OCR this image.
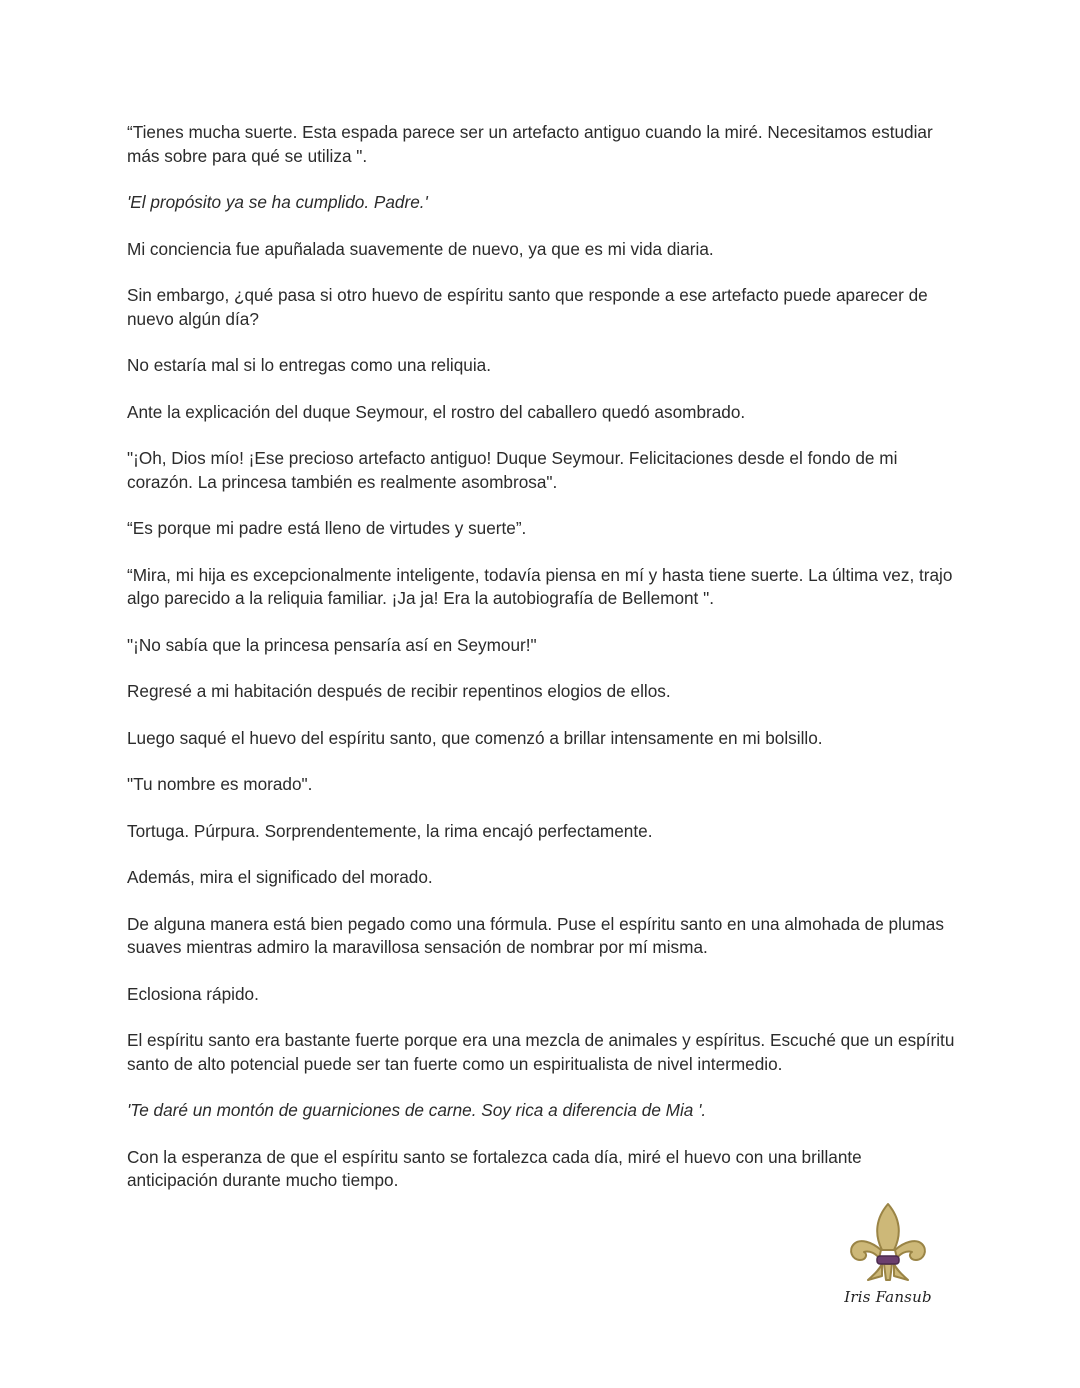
“Tienes mucha suerte. Esta espada parece ser un artefacto antiguo cuando la miré. Necesitamos estudiar más sobre para qué se utiliza ".

'El propósito ya se ha cumplido. Padre.'

Mi conciencia fue apuñalada suavemente de nuevo, ya que es mi vida diaria.

Sin embargo, ¿qué pasa si otro huevo de espíritu santo que responde a ese artefacto puede aparecer de nuevo algún día?

No estaría mal si lo entregas como una reliquia.

Ante la explicación del duque Seymour, el rostro del caballero quedó asombrado.

"¡Oh, Dios mío! ¡Ese precioso artefacto antiguo! Duque Seymour. Felicitaciones desde el fondo de mi corazón. La princesa también es realmente asombrosa".

“Es porque mi padre está lleno de virtudes y suerte”.

“Mira, mi hija es excepcionalmente inteligente, todavía piensa en mí y hasta tiene suerte. La última vez, trajo algo parecido a la reliquia familiar. ¡Ja ja! Era la autobiografía de Bellemont ".

"¡No sabía que la princesa pensaría así en Seymour!"

Regresé a mi habitación después de recibir repentinos elogios de ellos.

Luego saqué el huevo del espíritu santo, que comenzó a brillar intensamente en mi bolsillo.

"Tu nombre es morado".

Tortuga. Púrpura. Sorprendentemente, la rima encajó perfectamente.

Además, mira el significado del morado.

De alguna manera está bien pegado como una fórmula. Puse el espíritu santo en una almohada de plumas suaves mientras admiro la maravillosa sensación de nombrar por mí misma.

Eclosiona rápido.

El espíritu santo era bastante fuerte porque era una mezcla de animales y espíritus. Escuché que un espíritu santo de alto potencial puede ser tan fuerte como un espiritualista de nivel intermedio.

'Te daré un montón de guarniciones de carne. Soy rica a diferencia de Mia '.

Con la esperanza de que el espíritu santo se fortalezca cada día, miré el huevo con una brillante anticipación durante mucho tiempo.

Iris Fansub
